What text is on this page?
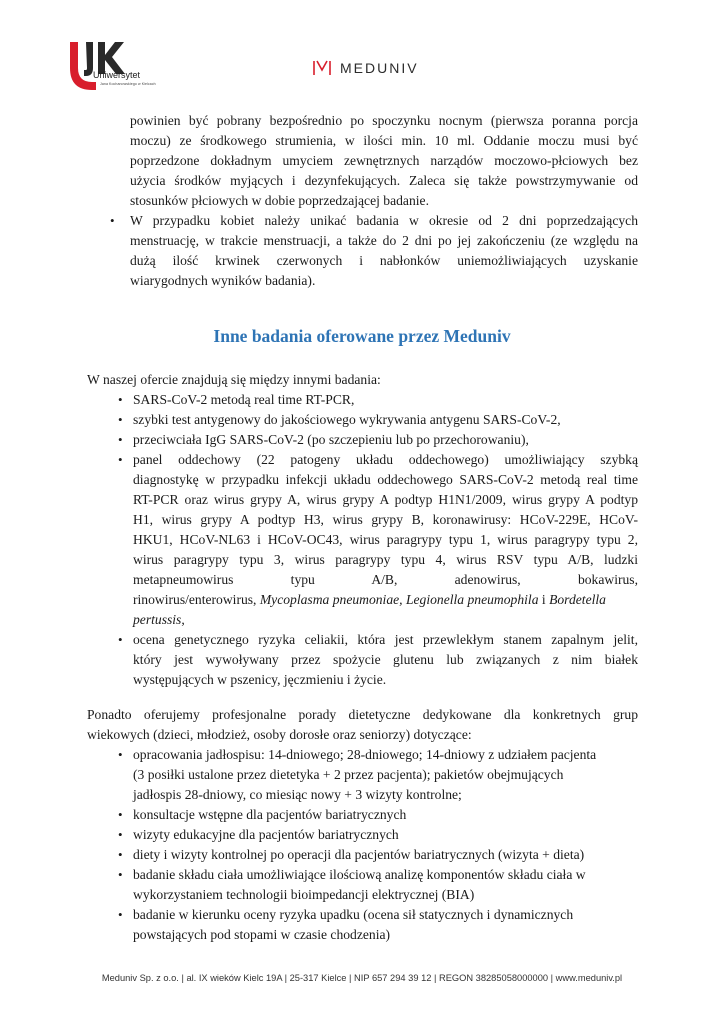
Uniwersytet
Jana Kochanowskiego w Kielcach
MEDUNIV
powinien być pobrany bezpośrednio po spoczynku nocnym (pierwsza poranna porcja
moczu) ze środkowego strumienia, w ilości min. 10 ml. Oddanie moczu musi być
poprzedzone dokładnym umyciem zewnętrznych narządów moczowo-płciowych bez
użycia środków myjących i dezynfekujących. Zaleca się także powstrzymywanie od
stosunków płciowych w dobie poprzedzającej badanie.
• W przypadku kobiet należy unikać badania w okresie od 2 dni poprzedzających
menstruację, w trakcie menstruacji, a także do 2 dni po jej zakończeniu (ze względu na
dużą ilość krwinek czerwonych i nabłonków uniemożliwiających uzyskanie
wiarygodnych wyników badania).
Inne badania oferowane przez Meduniv
W naszej ofercie znajdują się między innymi badania:
• SARS-CoV-2 metodą real time RT-PCR,
• szybki test antygenowy do jakościowego wykrywania antygenu SARS-CoV-2,
• przeciwciała IgG SARS-CoV-2 (po szczepieniu lub po przechorowaniu),
• panel oddechowy (22 patogeny układu oddechowego) umożliwiający szybką
diagnostykę w przypadku infekcji układu oddechowego SARS-CoV-2 metodą real time
RT-PCR oraz wirus grypy A, wirus grypy A podtyp H1N1/2009, wirus grypy A podtyp
H1, wirus grypy A podtyp H3, wirus grypy B, koronawirusy: HCoV-229E, HCoV-
HKU1, HCoV-NL63 i HCoV-OC43, wirus paragrypy typu 1, wirus paragrypy typu 2,
wirus paragrypy typu 3, wirus paragrypy typu 4, wirus RSV typu A/B, ludzki
metapneumowirus typu A/B, adenowirus, bokawirus,
rinowirus/enterowirus, Mycoplasma pneumoniae, Legionella pneumophila i Bordetella
pertussis,
• ocena genetycznego ryzyka celiakii, która jest przewlekłym stanem zapalnym jelit,
który jest wywoływany przez spożycie glutenu lub związanych z nim białek
występujących w pszenicy, jęczmieniu i życie.
Ponadto oferujemy profesjonalne porady dietetyczne dedykowane dla konkretnych grup
wiekowych (dzieci, młodzież, osoby dorosłe oraz seniorzy) dotyczące:
• opracowania jadłospisu: 14-dniowego; 28-dniowego; 14-dniowy z udziałem pacjenta
(3 posiłki ustalone przez dietetyka + 2 przez pacjenta); pakietów obejmujących
jadłospis 28-dniowy, co miesiąc nowy + 3 wizyty kontrolne;
• konsultacje wstępne dla pacjentów bariatrycznych
• wizyty edukacyjne dla pacjentów bariatrycznych
• diety i wizyty kontrolnej po operacji dla pacjentów bariatrycznych (wizyta + dieta)
• badanie składu ciała umożliwiające ilościową analizę komponentów składu ciała w
wykorzystaniem technologii bioimpedancji elektrycznej (BIA)
• badanie w kierunku oceny ryzyka upadku (ocena sił statycznych i dynamicznych
powstających pod stopami w czasie chodzenia)
Meduniv Sp. z o.o. | al. IX wieków Kielc 19A | 25-317 Kielce | NIP 657 294 39 12 | REGON 38285058000000 | www.meduniv.pl
